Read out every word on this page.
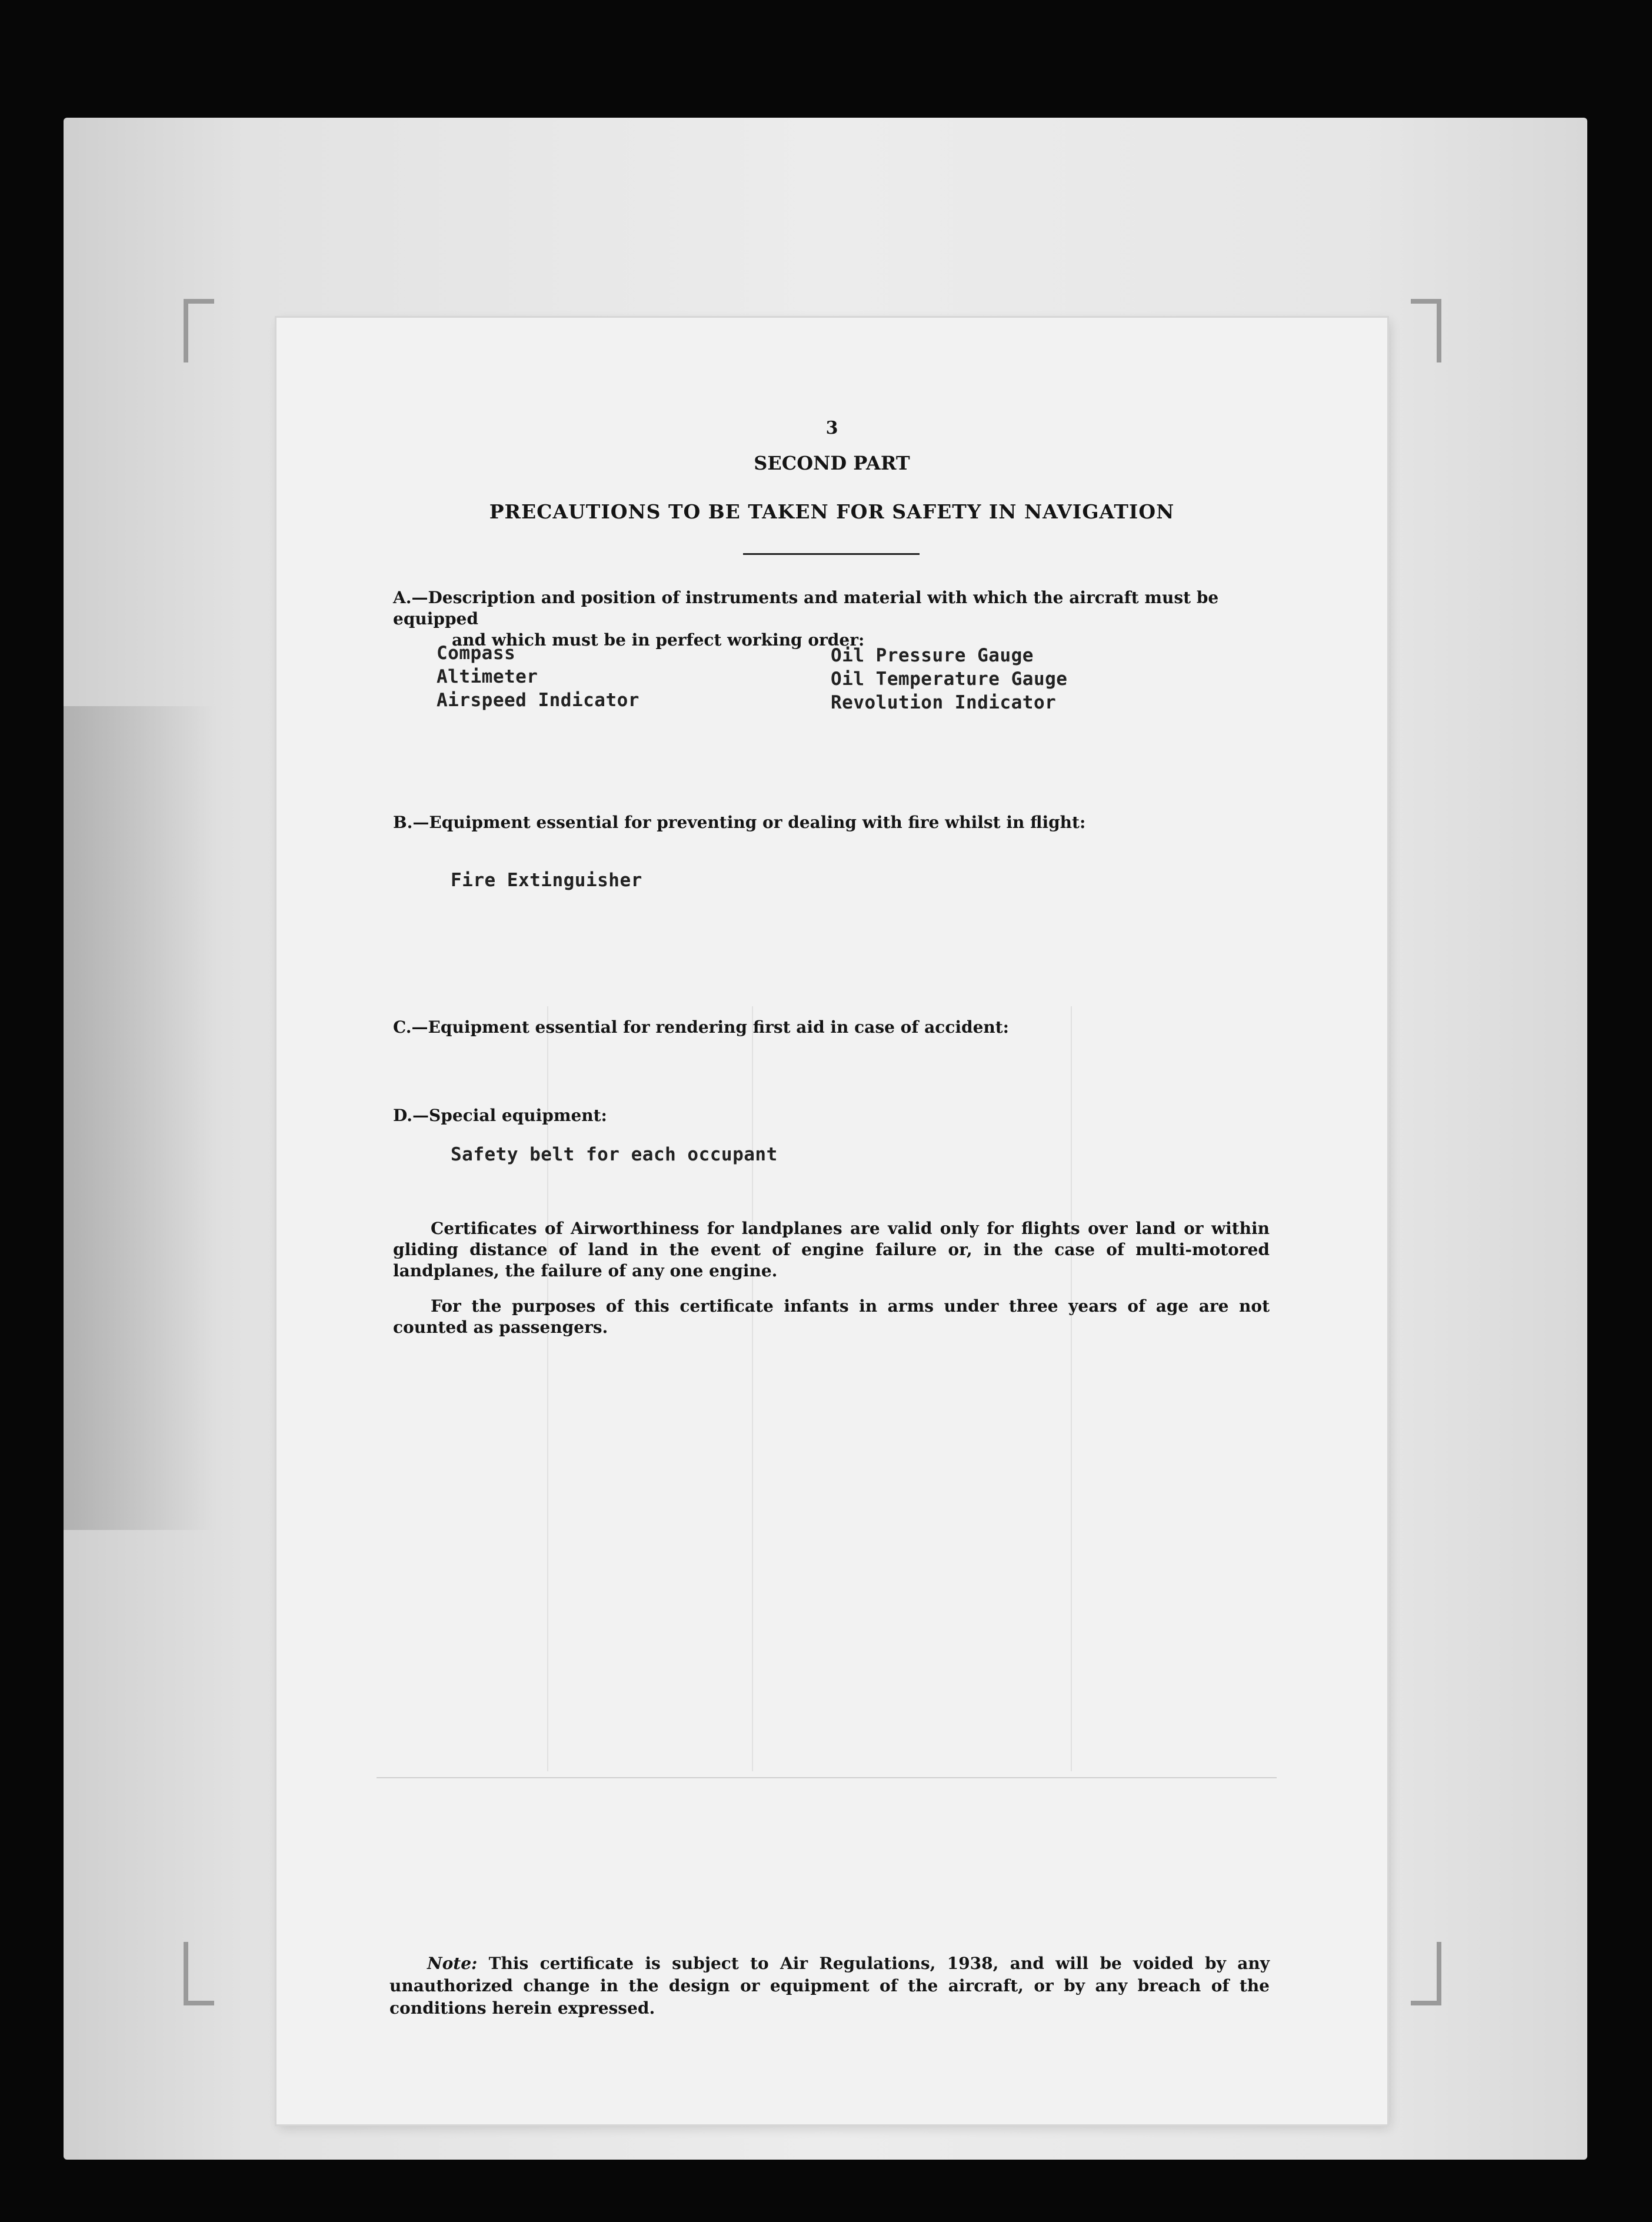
3
SECOND PART
PRECAUTIONS TO BE TAKEN FOR SAFETY IN NAVIGATION
A.—Description and position of instruments and material with which the aircraft must be equipped
and which must be in perfect working order:
Compass
Altimeter
Airspeed Indicator
Oil Pressure Gauge
Oil Temperature Gauge
Revolution Indicator
B.—Equipment essential for preventing or dealing with fire whilst in flight:
Fire Extinguisher
C.—Equipment essential for rendering first aid in case of accident:
D.—Special equipment:
Safety belt for each occupant
Certificates of Airworthiness for landplanes are valid only for flights over land or within gliding distance of land in the event of engine failure or, in the case of multi-motored landplanes, the failure of any one engine.
For the purposes of this certificate infants in arms under three years of age are not counted as passengers.
Note: This certificate is subject to Air Regulations, 1938, and will be voided by any unauthorized change in the design or equipment of the aircraft, or by any breach of the conditions herein expressed.
